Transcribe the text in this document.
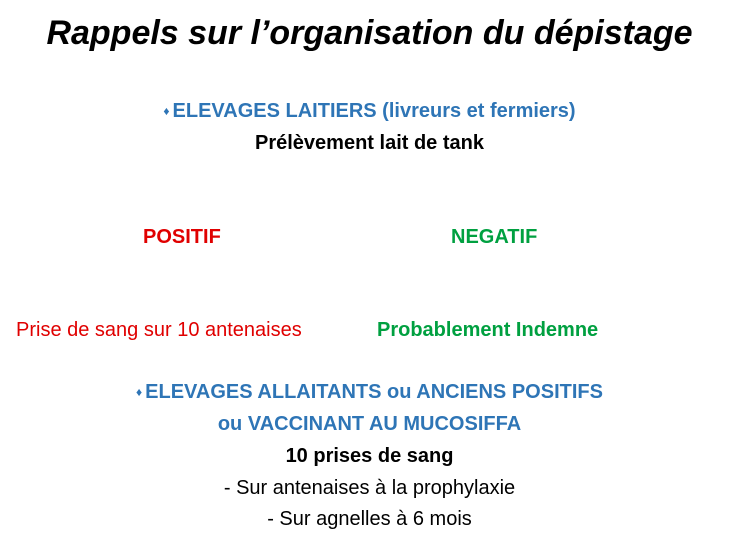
Rappels sur l’organisation du dépistage
♦ ELEVAGES LAITIERS (livreurs et fermiers)
Prélèvement lait de tank
POSITIF	NEGATIF
Prise de sang sur 10 antenaises	Probablement Indemne
♦ ELEVAGES ALLAITANTS ou ANCIENS POSITIFS
ou VACCINANT AU MUCOSIFFA
10 prises de sang
- Sur antenaises à la prophylaxie
- Sur agnelles à 6 mois
